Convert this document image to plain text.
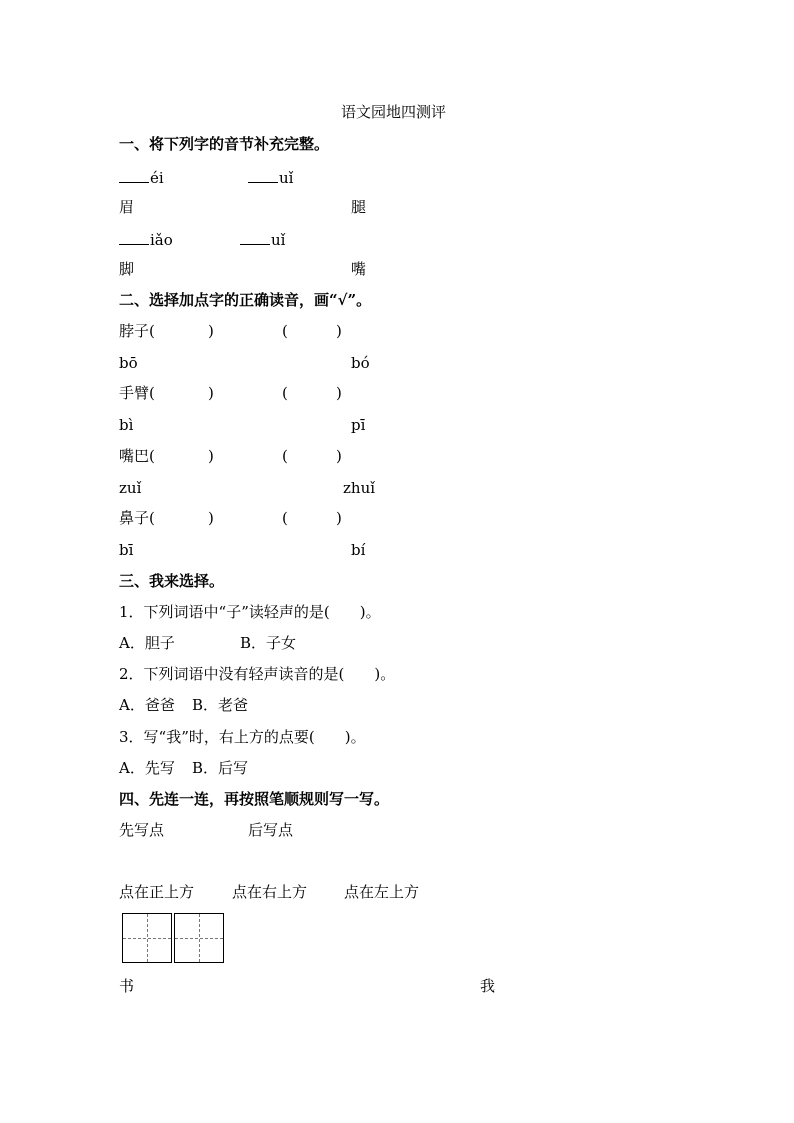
语文园地四测评
一、将下列字的音节补充完整。
éi	uǐ
眉	腿
iǎo	uǐ
脚	嘴
二、选择加点字的正确读音，画“√”。
脖子(	)	(	)
bō	bó
手臂(	)	(	)
bì	pī
嘴巴(	)	(	)
zuǐ	zhuǐ
鼻子(	)	(	)
bī	bí
三、我来选择。
1．下列词语中“子”读轻声的是(　　)。
A．胆子	B．子女
2．下列词语中没有轻声读音的是(　　)。
A．爸爸 B．老爸
3．写“我”时，右上方的点要(　　)。
A．先写 B．后写
四、先连一连，再按照笔顺规则写一写。
先写点	后写点
点在正上方	点在右上方 点在左上方
书	我
